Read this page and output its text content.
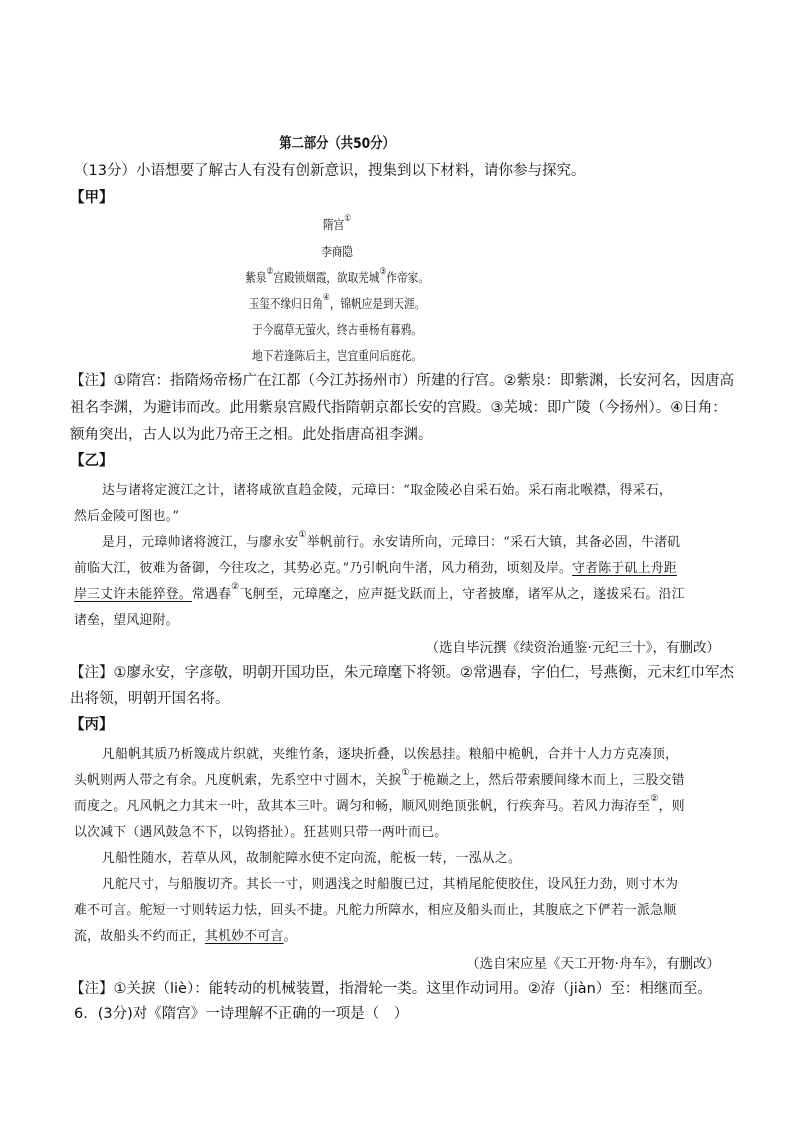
第二部分（共50分）
（13分）小语想要了解古人有没有创新意识，搜集到以下材料，请你参与探究。
【甲】
隋宫①
李商隐
紫泉②宫殿锁烟霞，欲取芜城③作帝家。
玉玺不缘归日角④，锦帆应是到天涯。
于今腐草无萤火，终古垂杨有暮鸦。
地下若逢陈后主，岂宜重问后庭花。
【注】①隋宫：指隋炀帝杨广在江都（今江苏扬州市）所建的行宫。②紫泉：即紫渊，长安河名，因唐高
祖名李渊，为避讳而改。此用紫泉宫殿代指隋朝京都长安的宫殿。③芜城：即广陵（今扬州）。④日角：
额角突出，古人以为此乃帝王之相。此处指唐高祖李渊。
【乙】
达与诸将定渡江之计，诸将咸欲直趋金陵，元璋曰：“取金陵必自采石始。采石南北喉襟，得采石，
然后金陵可图也。”
是月，元璋帅诸将渡江，与廖永安①举帆前行。永安请所向，元璋曰：“采石大镇，其备必固，牛渚矶
前临大江，彼难为备御，今往攻之，其势必克。”乃引帆向牛渚，风力稍劲，顷刻及岸。守者陈于矶上舟距
岸三丈许未能猝登。常遇春②飞舸至，元璋麾之，应声挺戈跃而上，守者披靡，诸军从之，遂拔采石。沿江
诸垒，望风迎附。
（选自毕沅撰《续资治通鉴·元纪三十》，有删改）
【注】①廖永安，字彦敬，明朝开国功臣，朱元璋麾下将领。②常遇春，字伯仁，号燕衡，元末红巾军杰
出将领，明朝开国名将。
【丙】
凡船帆其质乃析篾成片织就，夹维竹条，逐块折叠，以俟悬挂。粮船中桅帆，合并十人力方克凑顶，
头帆则两人带之有余。凡度帆索，先系空中寸圆木，关捩①于桅巅之上，然后带索腰间缘木而上，三股交错
而度之。凡风帆之力其末一叶，敌其本三叶。调匀和畅，顺风则绝顶张帆，行疾奔马。若风力海洊至②，则
以次减下（遇风鼓急不下，以钩搭扯）。狂甚则只带一两叶而已。
凡船性随水，若草从风，故制舵障水使不定向流，舵板一转，一泓从之。
凡舵尺寸，与船腹切齐。其长一寸，则遇浅之时船腹已过，其梢尾舵使胶住，设风狂力劲，则寸木为
难不可言。舵短一寸则转运力怯，回头不捷。凡舵力所障水，相应及船头而止，其腹底之下俨若一派急顺
流，故船头不约而正，其机妙不可言。
（选自宋应星《天工开物·舟车》，有删改）
【注】①关捩（liè）：能转动的机械装置，指滑轮一类。这里作动词用。②洊（jiàn）至：相继而至。
6．(3分)对《隋宫》一诗理解不正确的一项是（　）
